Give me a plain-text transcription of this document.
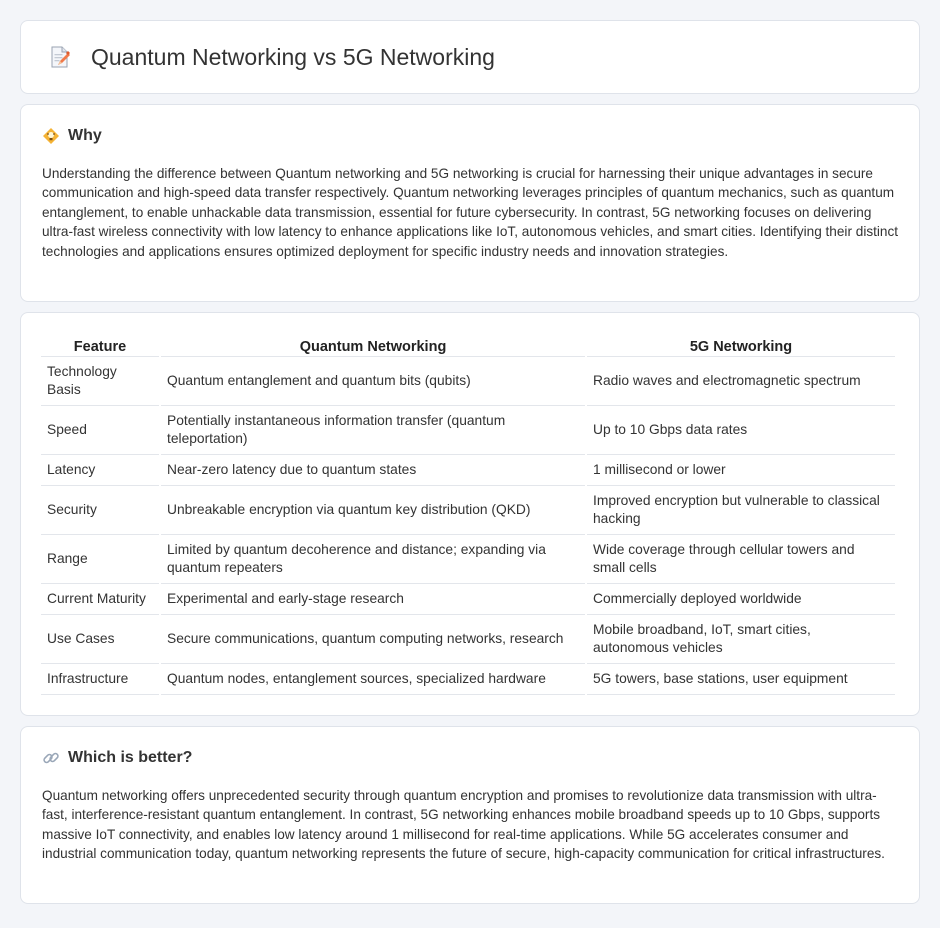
Quantum Networking vs 5G Networking
Why

Understanding the difference between Quantum networking and 5G networking is crucial for harnessing their unique advantages in secure communication and high-speed data transfer respectively. Quantum networking leverages principles of quantum mechanics, such as quantum entanglement, to enable unhackable data transmission, essential for future cybersecurity. In contrast, 5G networking focuses on delivering ultra-fast wireless connectivity with low latency to enhance applications like IoT, autonomous vehicles, and smart cities. Identifying their distinct technologies and applications ensures optimized deployment for specific industry needs and innovation strategies.

Feature	Quantum Networking	5G Networking
Technology Basis	Quantum entanglement and quantum bits (qubits)	Radio waves and electromagnetic spectrum
Speed	Potentially instantaneous information transfer (quantum teleportation)	Up to 10 Gbps data rates
Latency	Near-zero latency due to quantum states	1 millisecond or lower
Security	Unbreakable encryption via quantum key distribution (QKD)	Improved encryption but vulnerable to classical hacking
Range	Limited by quantum decoherence and distance; expanding via quantum repeaters	Wide coverage through cellular towers and small cells
Current Maturity	Experimental and early-stage research	Commercially deployed worldwide
Use Cases	Secure communications, quantum computing networks, research	Mobile broadband, IoT, smart cities, autonomous vehicles
Infrastructure	Quantum nodes, entanglement sources, specialized hardware	5G towers, base stations, user equipment
Which is better?

Quantum networking offers unprecedented security through quantum encryption and promises to revolutionize data transmission with ultra-fast, interference-resistant quantum entanglement. In contrast, 5G networking enhances mobile broadband speeds up to 10 Gbps, supports massive IoT connectivity, and enables low latency around 1 millisecond for real-time applications. While 5G accelerates consumer and industrial communication today, quantum networking represents the future of secure, high-capacity communication for critical infrastructures.
